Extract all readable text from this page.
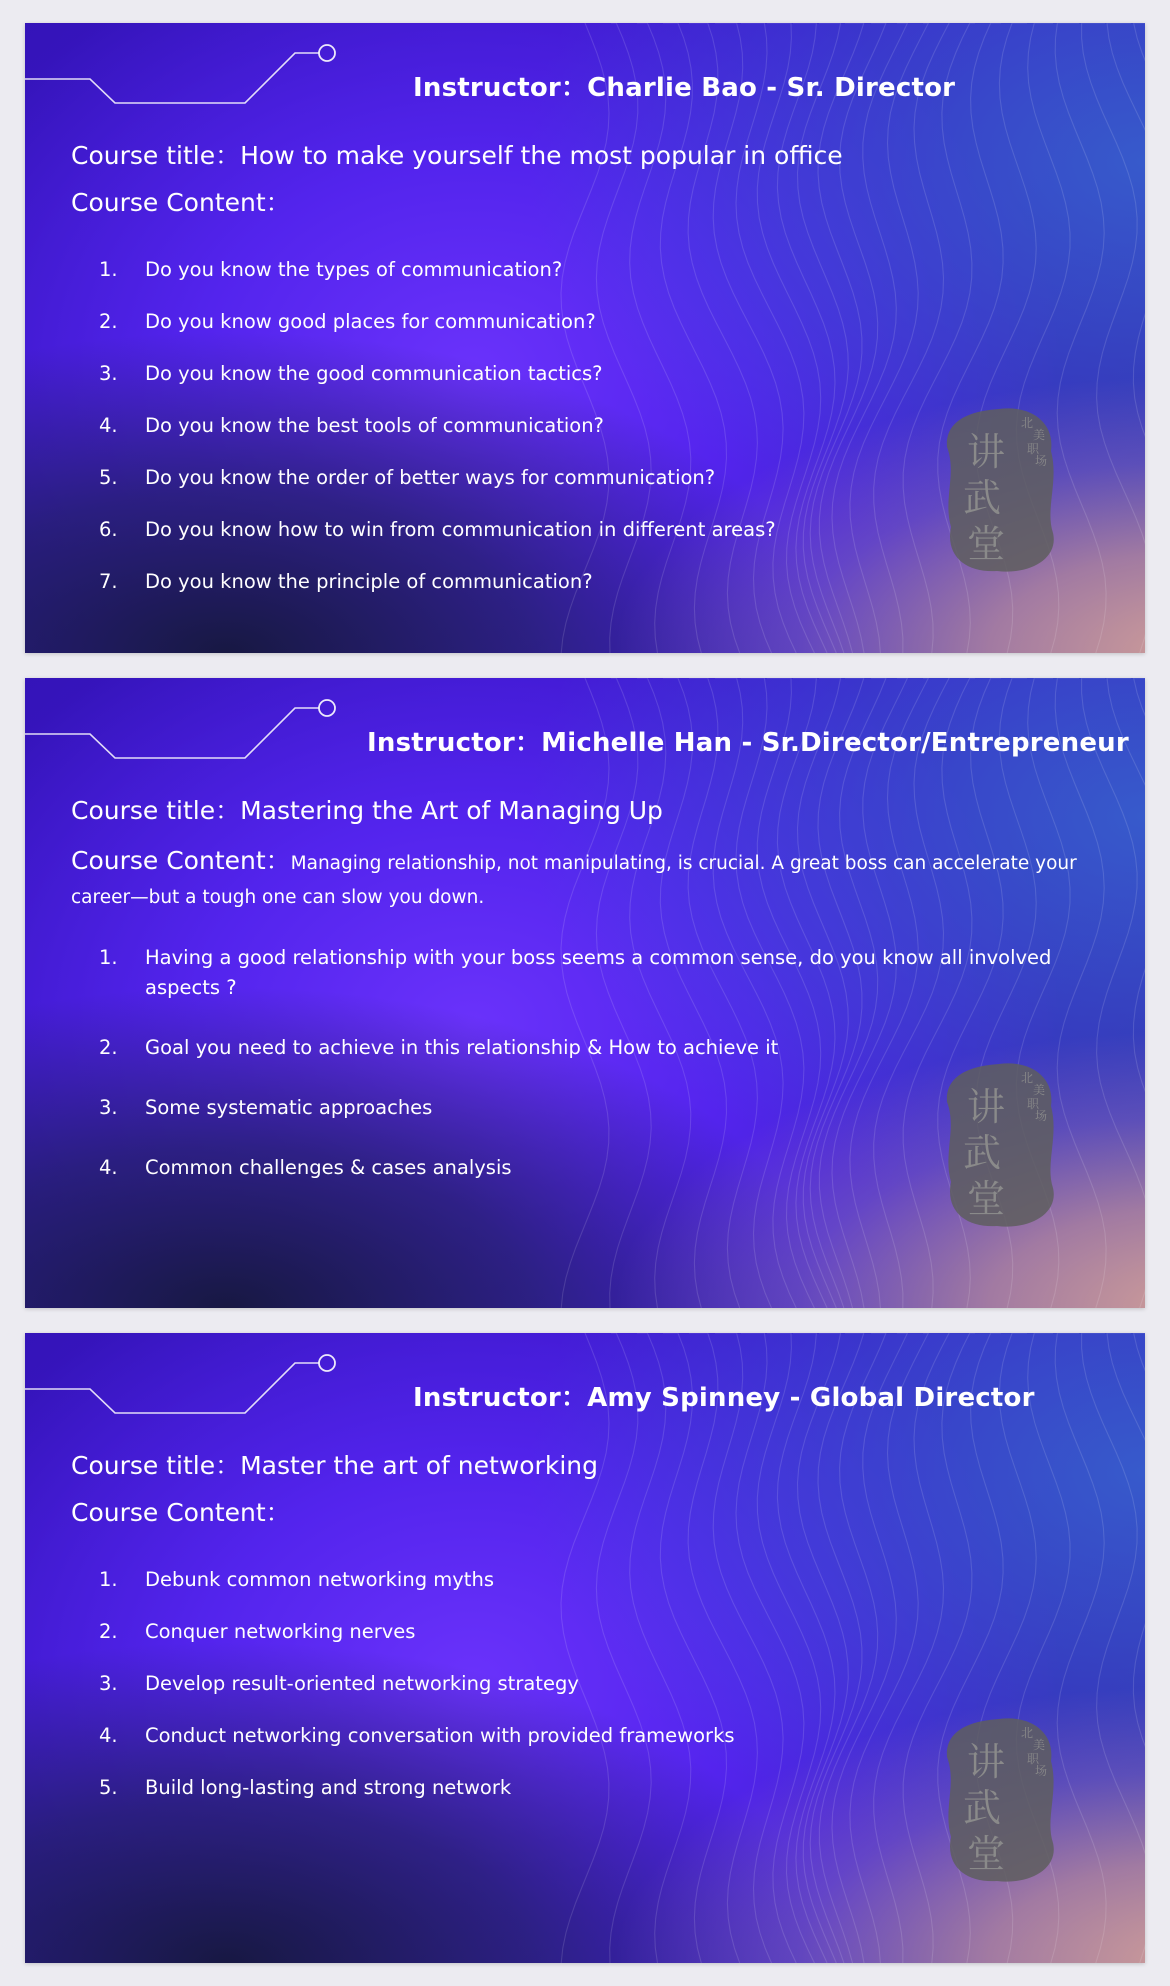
Instructor：Charlie Bao - Sr. Director
Course title：How to make yourself the most popular in office
Course Content：
1. Do you know the types of communication?
2. Do you know good places for communication?
3. Do you know the good communication tactics?
4. Do you know the best tools of communication?
5. Do you know the order of better ways for communication?
6. Do you know how to win from communication in different areas?
7. Do you know the principle of communication?
讲
武
堂
北
美
职
场
Instructor：Michelle Han - Sr.Director/Entrepreneur
Course title：Mastering the Art of Managing Up
Course Content：Managing relationship, not manipulating, is crucial. A great boss can accelerate your career—but a tough one can slow you down.
1. Having a good relationship with your boss seems a common sense, do you know all involved aspects ?
2. Goal you need to achieve in this relationship & How to achieve it
3. Some systematic approaches
4. Common challenges & cases analysis
讲
武
堂
北
美
职
场
Instructor：Amy Spinney - Global Director
Course title：Master the art of networking
Course Content：
1. Debunk common networking myths
2. Conquer networking nerves
3. Develop result-oriented networking strategy
4. Conduct networking conversation with provided frameworks
5. Build long-lasting and strong network
讲
武
堂
北
美
职
场
